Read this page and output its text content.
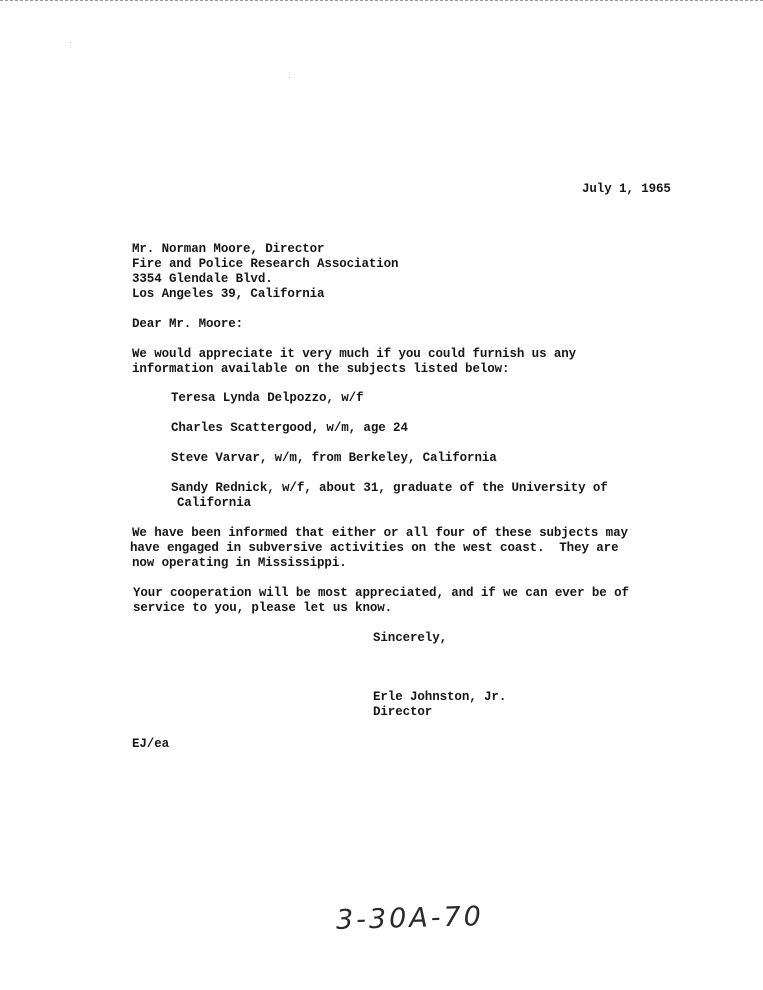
July 1, 1965
Mr. Norman Moore, Director
Fire and Police Research Association
3354 Glendale Blvd.
Los Angeles 39, California
Dear Mr. Moore:
We would appreciate it very much if you could furnish us any
information available on the subjects listed below:
Teresa Lynda Delpozzo, w/f
Charles Scattergood, w/m, age 24
Steve Varvar, w/m, from Berkeley, California
Sandy Rednick, w/f, about 31, graduate of the University of
California
We have been informed that either or all four of these subjects may
have engaged in subversive activities on the west coast.  They are
now operating in Mississippi.
Your cooperation will be most appreciated, and if we can ever be of
service to you, please let us know.
Sincerely,
Erle Johnston, Jr.
Director
EJ/ea
3-30A-70
